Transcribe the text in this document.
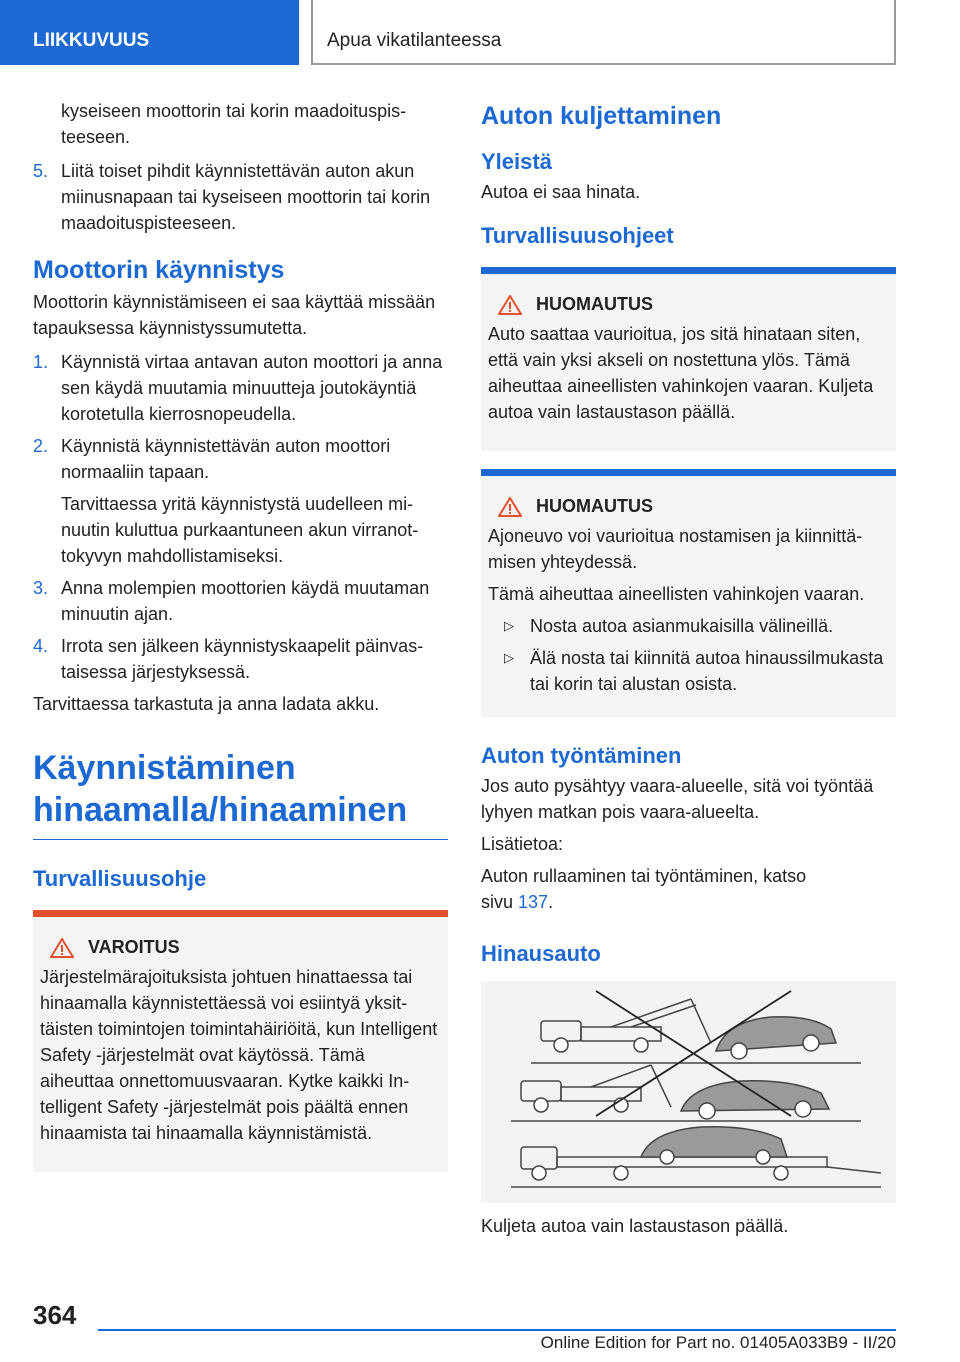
LIIKKUVUUS	Apua vikatilanteessa

kyseiseen moottorin tai korin maadoituspisteeseen.

5. Liitä toiset pihdit käynnistettävän auton akun miinusnapaan tai kyseiseen moottorin tai korin maadoituspisteeseen.
Moottorin käynnistys

Moottorin käynnistämiseen ei saa käyttää missään tapauksessa käynnistyssumutetta.

1. Käynnistä virtaa antavan auton moottori ja anna sen käydä muutamia minuutteja joutokäyntiä korotetulla kierrosnopeudella.
2. Käynnistä käynnistettävän auton moottori normaaliin tapaan.
Tarvittaessa yritä käynnistystä uudelleen minuutin kuluttua purkaantuneen akun virranottokyvyn mahdollistamiseksi.
3. Anna molempien moottorien käydä muutaman minuutin ajan.
4. Irrota sen jälkeen käynnistyskaapelit päinvastaisessa järjestyksessä.

Tarvittaessa tarkastuta ja anna ladata akku.

Käynnistäminen hinaamalla/hinaaminen
Turvallisuusohje
VAROITUS

Järjestelmärajoituksista johtuen hinattaessa tai hinaamalla käynnistettäessä voi esiintyä yksittäisten toimintojen toimintahäiriöitä, kun Intelligent Safety -järjestelmät ovat käytössä. Tämä aiheuttaa onnettomuusvaaran. Kytke kaikki Intelligent Safety -järjestelmät pois päältä ennen hinaamista tai hinaamalla käynnistämistä.

Auton kuljettaminen
Yleistä

Autoa ei saa hinata.

Turvallisuusohjeet
HUOMAUTUS

Auto saattaa vaurioitua, jos sitä hinataan siten, että vain yksi akseli on nostettuna ylös. Tämä aiheuttaa aineellisten vahinkojen vaaran. Kuljeta autoa vain lastaustason päällä.

HUOMAUTUS

Ajoneuvo voi vaurioitua nostamisen ja kiinnittämisen yhteydessä.

Tämä aiheuttaa aineellisten vahinkojen vaaran.

▷ Nosta autoa asianmukaisilla välineillä.
▷ Älä nosta tai kiinnitä autoa hinaussilmukasta tai korin tai alustan osista.
Auton työntäminen

Jos auto pysähtyy vaara-alueelle, sitä voi työntää lyhyen matkan pois vaara-alueelta.

Lisätietoa:

Auton rullaaminen tai työntäminen, katso sivu 137.

Hinausauto

Kuljeta autoa vain lastaustason päällä.

364
Online Edition for Part no. 01405A033B9 - II/20
